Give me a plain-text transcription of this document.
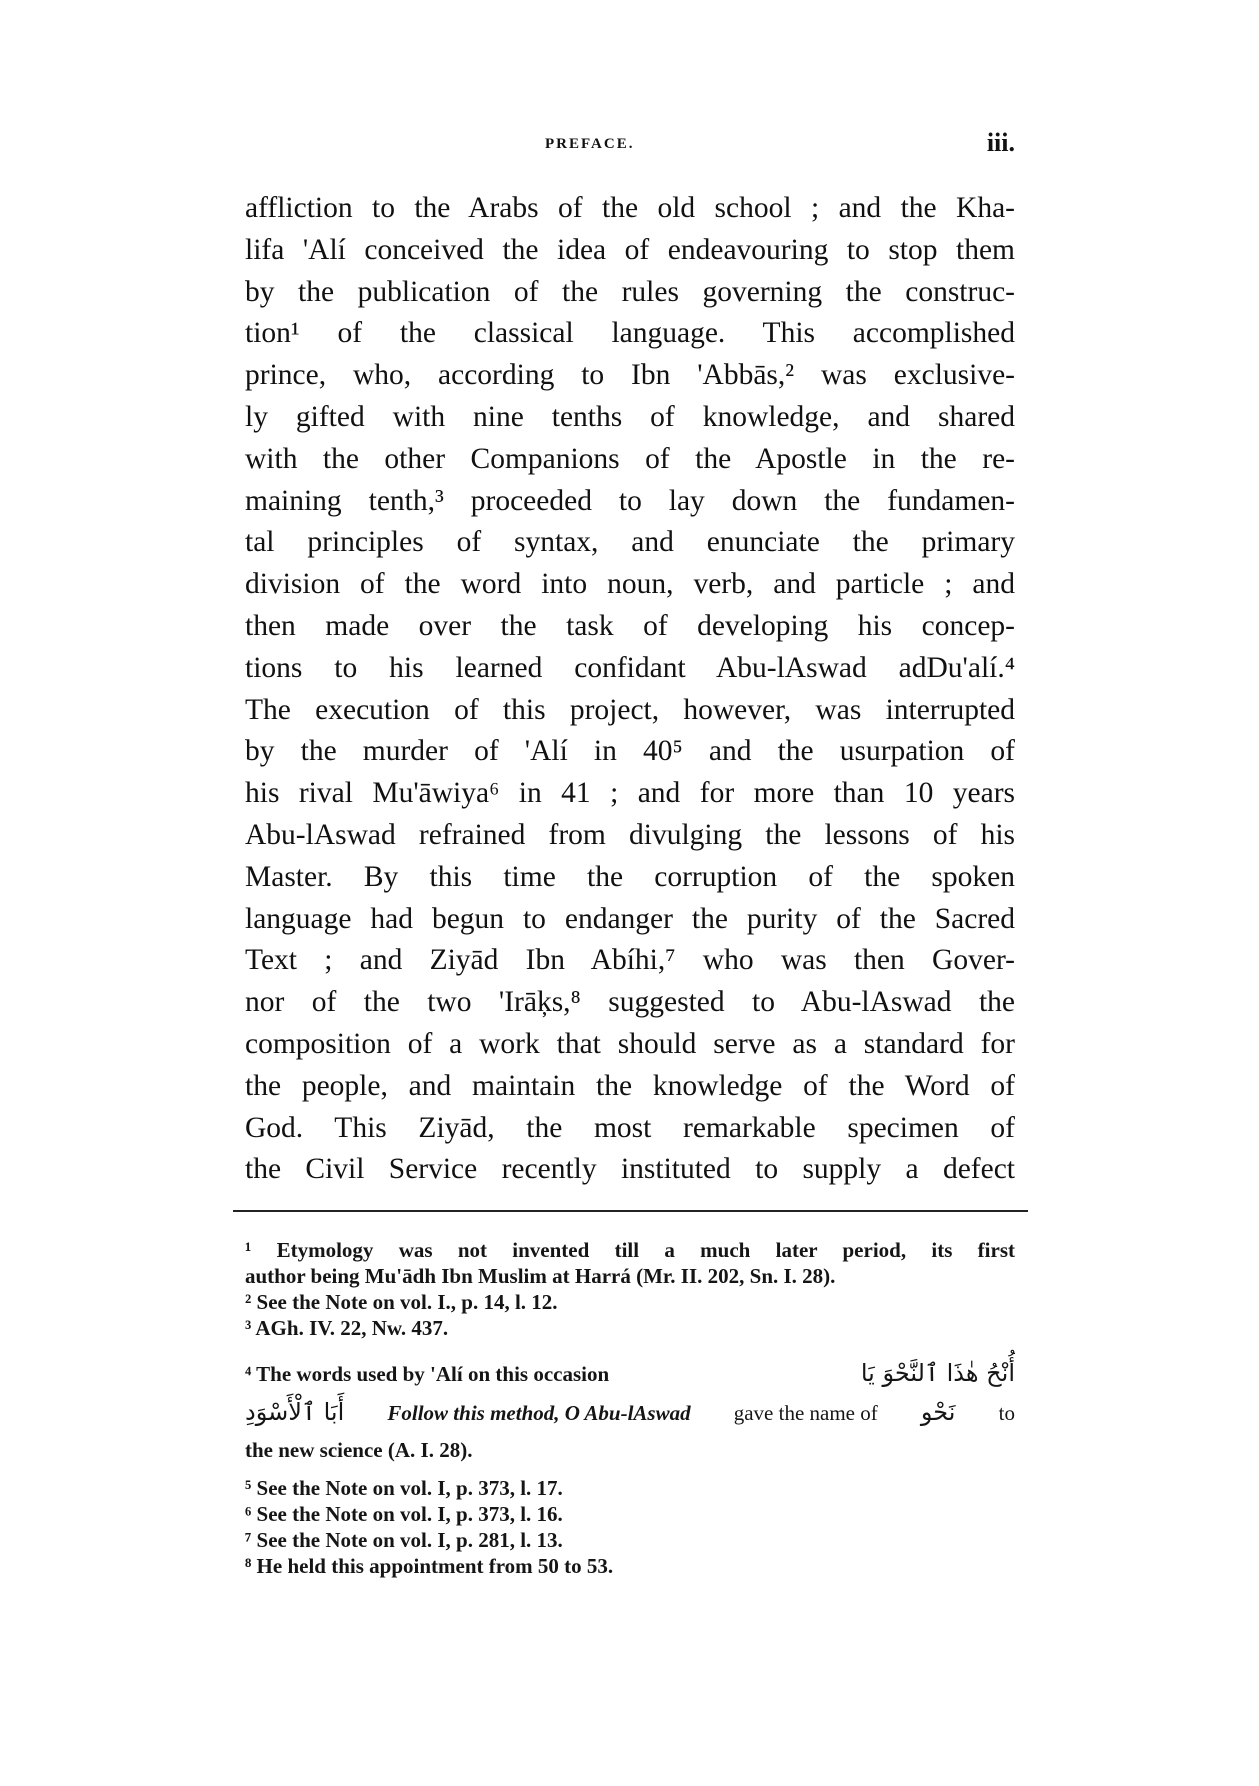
PREFACE.	iii.
affliction to the Arabs of the old school ; and the Kha-
lifa 'Alí conceived the idea of endeavouring to stop them
by the publication of the rules governing the construc-
tion¹ of the classical language. This accomplished
prince, who, according to Ibn 'Abbās,² was exclusive-
ly gifted with nine tenths of knowledge, and shared
with the other Companions of the Apostle in the re-
maining tenth,³ proceeded to lay down the fundamen-
tal principles of syntax, and enunciate the primary
division of the word into noun, verb, and particle ; and
then made over the task of developing his concep-
tions to his learned confidant Abu-lAswad adDu'alí.⁴
The execution of this project, however, was interrupted
by the murder of 'Alí in 40⁵ and the usurpation of
his rival Mu'āwiya⁶ in 41 ; and for more than 10 years
Abu-lAswad refrained from divulging the lessons of his
Master. By this time the corruption of the spoken
language had begun to endanger the purity of the Sacred
Text ; and Ziyād Ibn Abíhi,⁷ who was then Gover-
nor of the two 'Irāķs,⁸ suggested to Abu-lAswad the
composition of a work that should serve as a standard for
the people, and maintain the knowledge of the Word of
God. This Ziyād, the most remarkable specimen of
the Civil Service recently instituted to supply a defect
¹ Etymology was not invented till a much later period, its first
author being Mu'ādh Ibn Muslim at Harrá (Mr. II. 202, Sn. I. 28).
² See the Note on vol. I., p. 14, l. 12.
³ AGh. IV. 22, Nw. 437.
⁴ The words used by 'Alí on this occasion	أُنْحُ هٰذَا ٱلنَّحْوَ يَا
أَبَا ٱلْأَسْوَدِ Follow this method, O Abu-lAswad gave the name of نَحْو to
the new science (A. I. 28).
⁵ See the Note on vol. I, p. 373, l. 17.
⁶ See the Note on vol. I, p. 373, l. 16.
⁷ See the Note on vol. I, p. 281, l. 13.
⁸ He held this appointment from 50 to 53.
